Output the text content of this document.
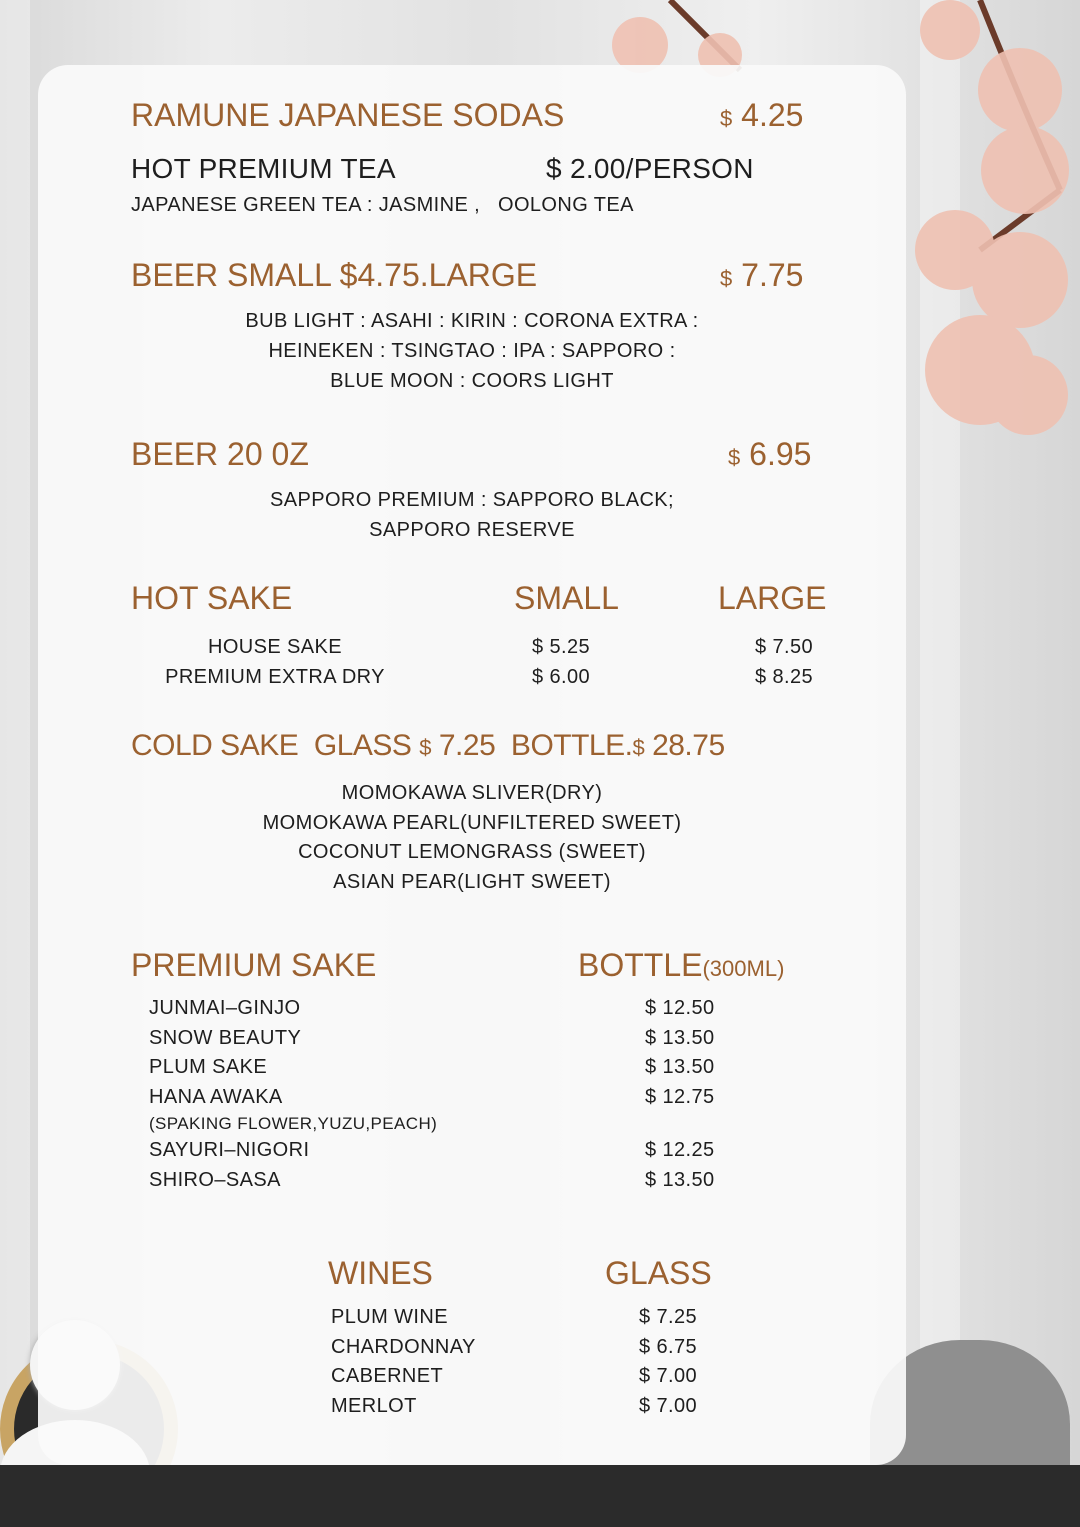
RAMUNE JAPANESE SODAS	$ 4.25
HOT PREMIUM TEA	$ 2.00/PERSON
JAPANESE GREEN TEA : JASMINE ,   OOLONG TEA
BEER SMALL $4.75.LARGE	$ 7.75
BUB LIGHT : ASAHI : KIRIN : CORONA EXTRA :
HEINEKEN : TSINGTAO : IPA : SAPPORO :
BLUE MOON : COORS LIGHT
BEER 20 0Z	$ 6.95
SAPPORO PREMIUM : SAPPORO BLACK;
SAPPORO RESERVE
HOT SAKE	SMALL	LARGE
HOUSE SAKE	$ 5.25	$ 7.50
PREMIUM EXTRA DRY	$ 6.00	$ 8.25
COLD SAKE  GLASS $ 7.25  BOTTLE.$ 28.75
MOMOKAWA SLIVER(DRY)
MOMOKAWA PEARL(UNFILTERED SWEET)
COCONUT LEMONGRASS (SWEET)
ASIAN PEAR(LIGHT SWEET)
PREMIUM SAKE	BOTTLE(300ML)
JUNMAI–GINJO	$ 12.50
SNOW BEAUTY	$ 13.50
PLUM SAKE	$ 13.50
HANA AWAKA	$ 12.75
(SPAKING FLOWER,YUZU,PEACH)
SAYURI–NIGORI	$ 12.25
SHIRO–SASA	$ 13.50
WINES	GLASS
PLUM WINE	$ 7.25
CHARDONNAY	$ 6.75
CABERNET	$ 7.00
MERLOT	$ 7.00
